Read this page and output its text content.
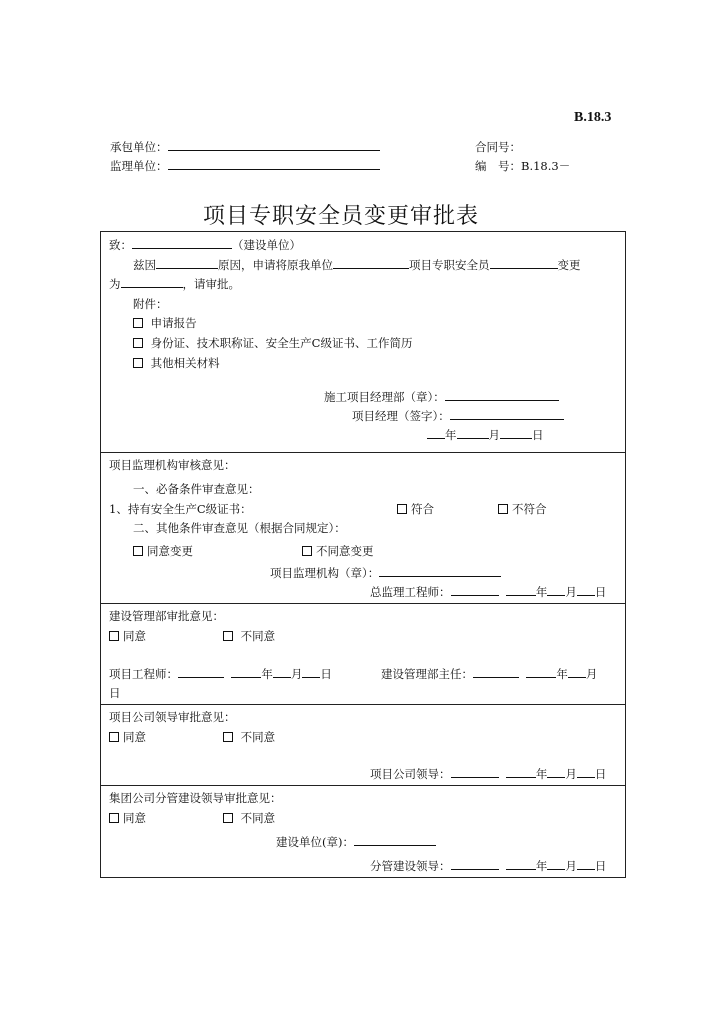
B.18.3
承包单位：
监理单位：
合同号：
编　号：B.18.3－
项目专职安全员变更审批表
致：	（建设单位）
兹因	原因，申请将原我单位	项目专职安全员	变更
为	，请审批。
附件：
申请报告
身份证、技术职称证、安全生产C级证书、工作简历
其他相关材料
施工项目经理部（章）：
项目经理（签字）：
年	月	日
项目监理机构审核意见：
一、必备条件审查意见：
1、持有安全生产C级证书：	符合	不符合
二、其他条件审查意见（根据合同规定）：
同意变更	不同意变更
项目监理机构（章）：
总监理工程师：	年 月 日
建设管理部审批意见：
同意	不同意
项目工程师：	年 月 日	建设管理部主任：	年 月
日
项目公司领导审批意见：
同意	不同意
项目公司领导：	年 月 日
集团公司分管建设领导审批意见：
同意	不同意
建设单位(章)：
分管建设领导：	年 月 日
